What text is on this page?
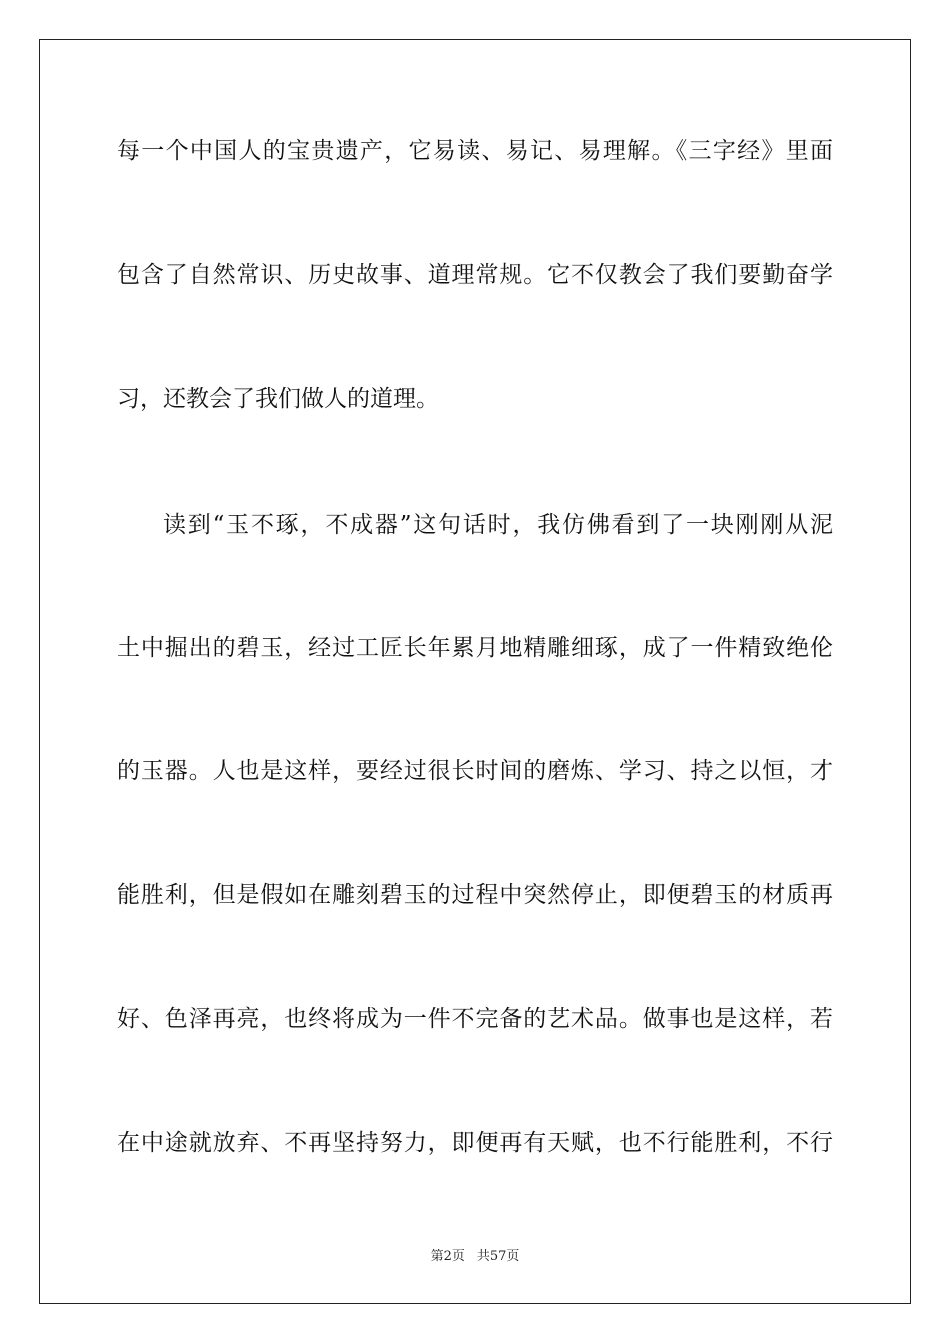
每一个中国人的宝贵遗产，它易读、易记、易理解。《三字经》里面
包含了自然常识、历史故事、道理常规。它不仅教会了我们要勤奋学
习，还教会了我们做人的道理。
读到“玉不琢，不成器”这句话时，我仿佛看到了一块刚刚从泥
土中掘出的碧玉，经过工匠长年累月地精雕细琢，成了一件精致绝伦
的玉器。人也是这样，要经过很长时间的磨炼、学习、持之以恒，才
能胜利，但是假如在雕刻碧玉的过程中突然停止，即便碧玉的材质再
好、色泽再亮，也终将成为一件不完备的艺术品。做事也是这样，若
在中途就放弃、不再坚持努力，即便再有天赋，也不行能胜利，不行
第2页 共57页
